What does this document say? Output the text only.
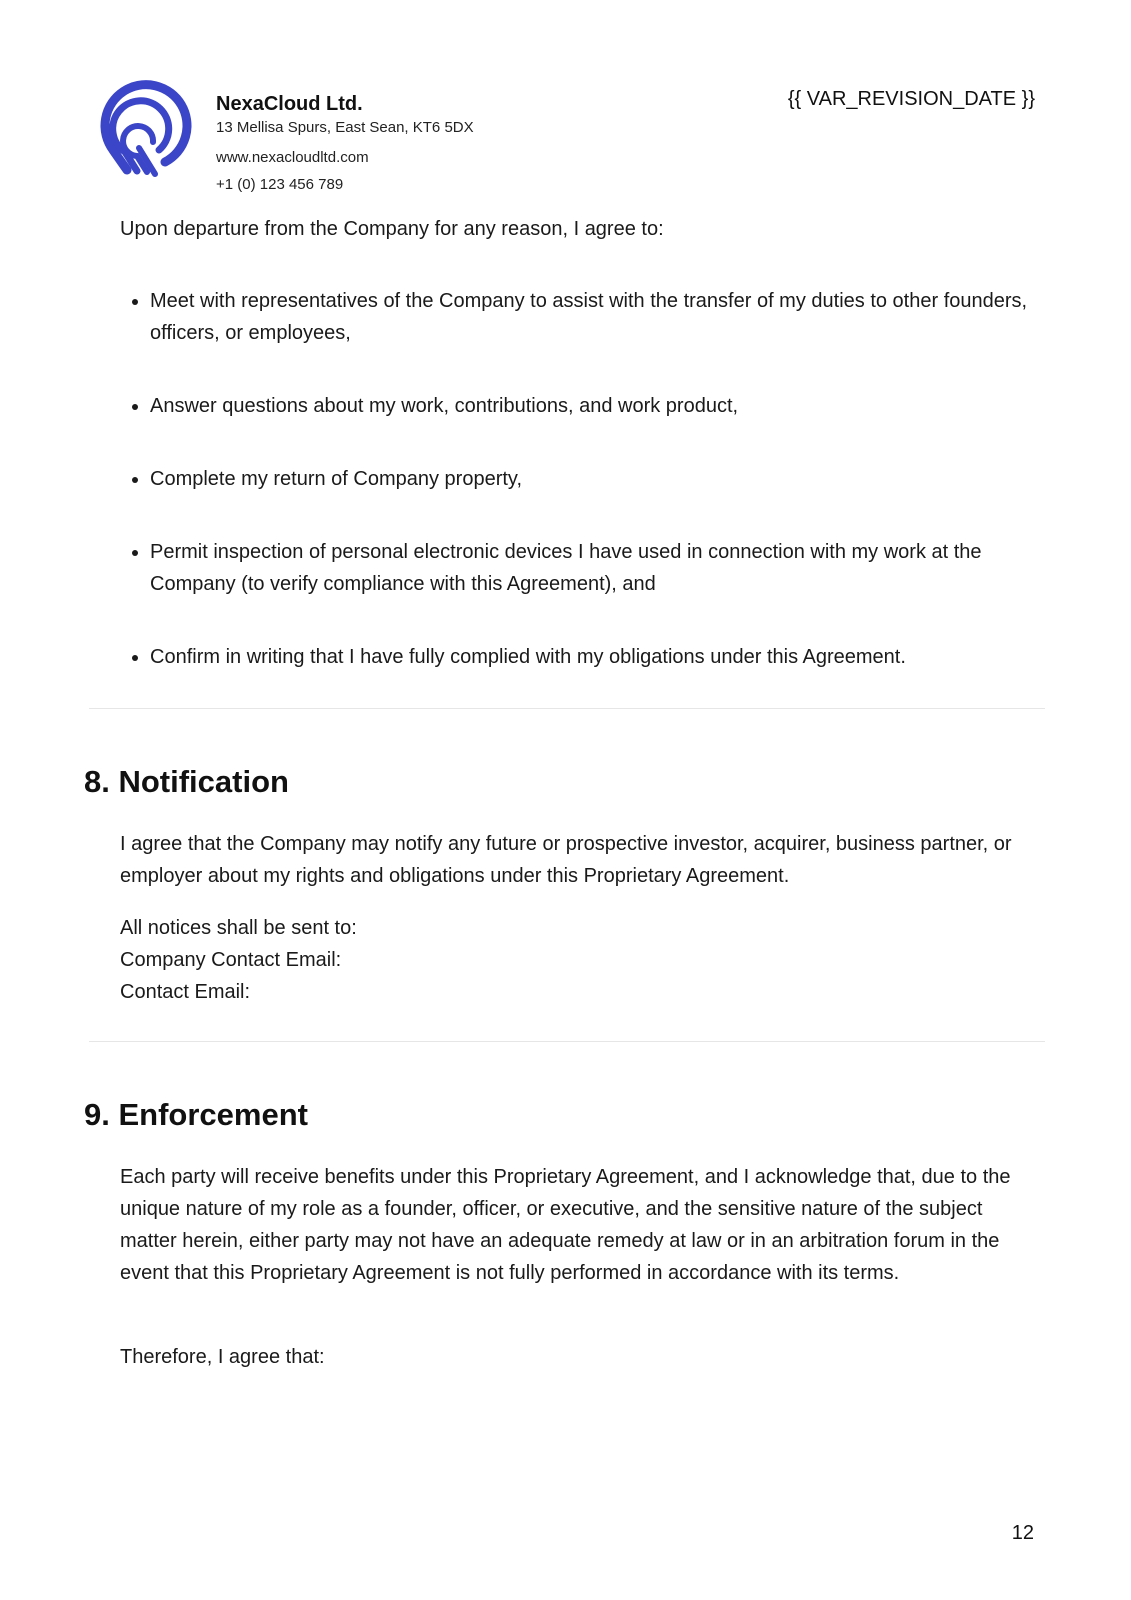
NexaCloud Ltd.
13 Mellisa Spurs, East Sean, KT6 5DX
www.nexacloudltd.com
+1 (0) 123 456 789
{{ VAR_REVISION_DATE }}

Upon departure from the Company for any reason, I agree to:

Meet with representatives of the Company to assist with the transfer of my duties to other founders, officers, or employees,
Answer questions about my work, contributions, and work product,
Complete my return of Company property,
Permit inspection of personal electronic devices I have used in connection with my work at the Company (to verify compliance with this Agreement), and
Confirm in writing that I have fully complied with my obligations under this Agreement.
8. Notification

I agree that the Company may notify any future or prospective investor, acquirer, business partner, or employer about my rights and obligations under this Proprietary Agreement.

All notices shall be sent to:

Company Contact Email:

Contact Email:

9. Enforcement

Each party will receive benefits under this Proprietary Agreement, and I acknowledge that, due to the unique nature of my role as a founder, officer, or executive, and the sensitive nature of the subject matter herein, either party may not have an adequate remedy at law or in an arbitration forum in the event that this Proprietary Agreement is not fully performed in accordance with its terms.

Therefore, I agree that:

12
